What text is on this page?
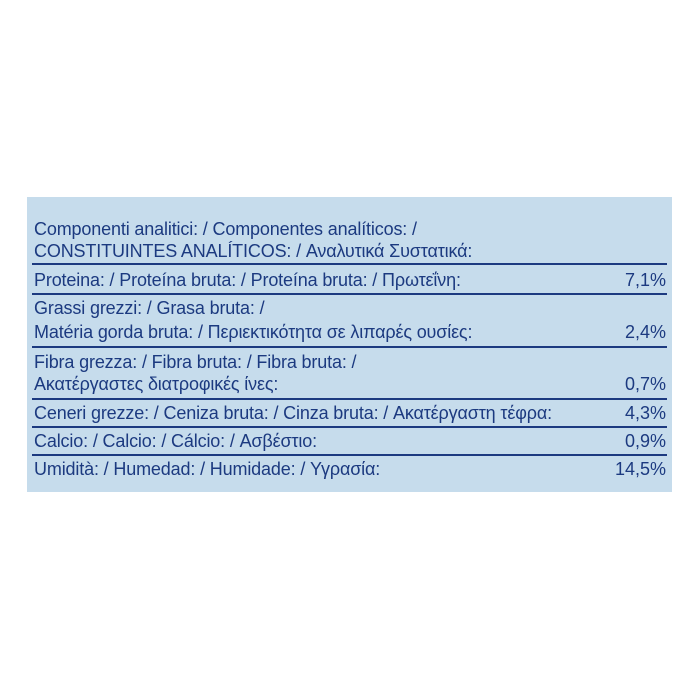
Componenti analitici: / Componentes analíticos: /
CONSTITUINTES ANALÍTICOS: / Αναλυτικά Συστατικά:
Proteina: / Proteína bruta: / Proteína bruta: / Πρωτεΐνη:	7,1%
Grassi grezzi: / Grasa bruta: /
Matéria gorda bruta: / Περιεκτικότητα σε λιπαρές ουσίες:	2,4%
Fibra grezza: / Fibra bruta: / Fibra bruta: /
Ακατέργαστες διατροφικές ίνες:	0,7%
Ceneri grezze: / Ceniza bruta: / Cinza bruta: / Ακατέργαστη τέφρα:	4,3%
Calcio: / Calcio: / Cálcio: / Ασβέστιο:	0,9%
Umidità: / Humedad: / Humidade: / Υγρασία:	14,5%
